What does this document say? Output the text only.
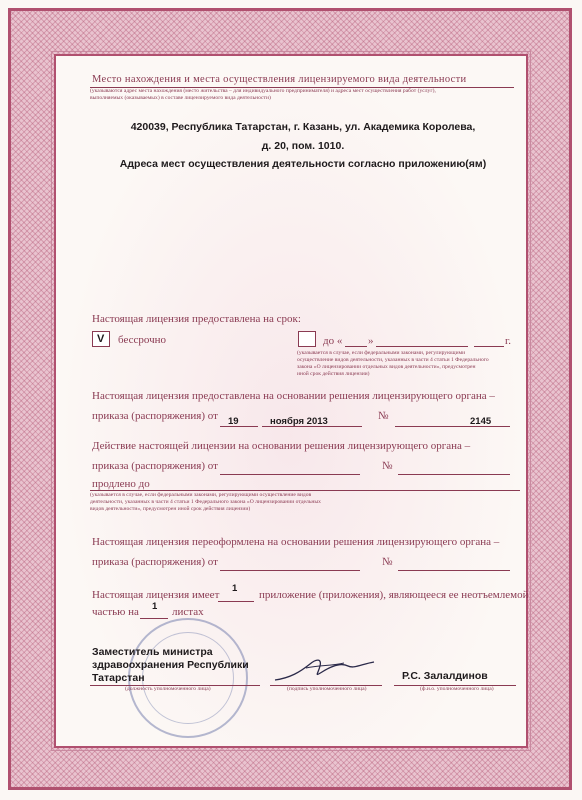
Место нахождения и места осуществления лицензируемого вида деятельности
(указываются адрес места нахождения (место жительства – для индивидуального предпринимателя) и адреса мест осуществления работ (услуг),
выполняемых (оказываемых) в составе лицензируемого вида деятельности)
420039, Республика Татарстан, г. Казань, ул. Академика Королева,
д. 20, пом. 1010.
Адреса мест осуществления деятельности согласно приложению(ям)
Настоящая лицензия предоставлена на срок:
V бессрочно	до « »	г.
(указывается в случае, если федеральными законами, регулирующими
осуществление видов деятельности, указанных в части 4 статьи 1 Федерального
закона «О лицензировании отдельных видов деятельности», предусмотрен
иной срок действия лицензии)
Настоящая лицензия предоставлена на основании решения лицензирующего органа –
приказа (распоряжения) от 19	ноября 2013	№	2145
Действие настоящей лицензии на основании решения лицензирующего органа –
приказа (распоряжения) от	№
продлено до
(указывается в случае, если федеральными законами, регулирующими осуществление видов
деятельности, указанных в части 4 статьи 1 Федерального закона «О лицензировании отдельных
видов деятельности», предусмотрен иной срок действия лицензии)
Настоящая лицензия переоформлена на основании решения лицензирующего органа –
приказа (распоряжения) от	№
Настоящая лицензия имеет
1
приложение (приложения), являющееся ее неотъемлемой
частью на 1 листах
Заместитель министра
здравоохранения Республики
Татарстан
(должность уполномоченного лица)	(подпись уполномоченного лица)
Р.С. Залалдинов
(ф.и.о. уполномоченного лица)
